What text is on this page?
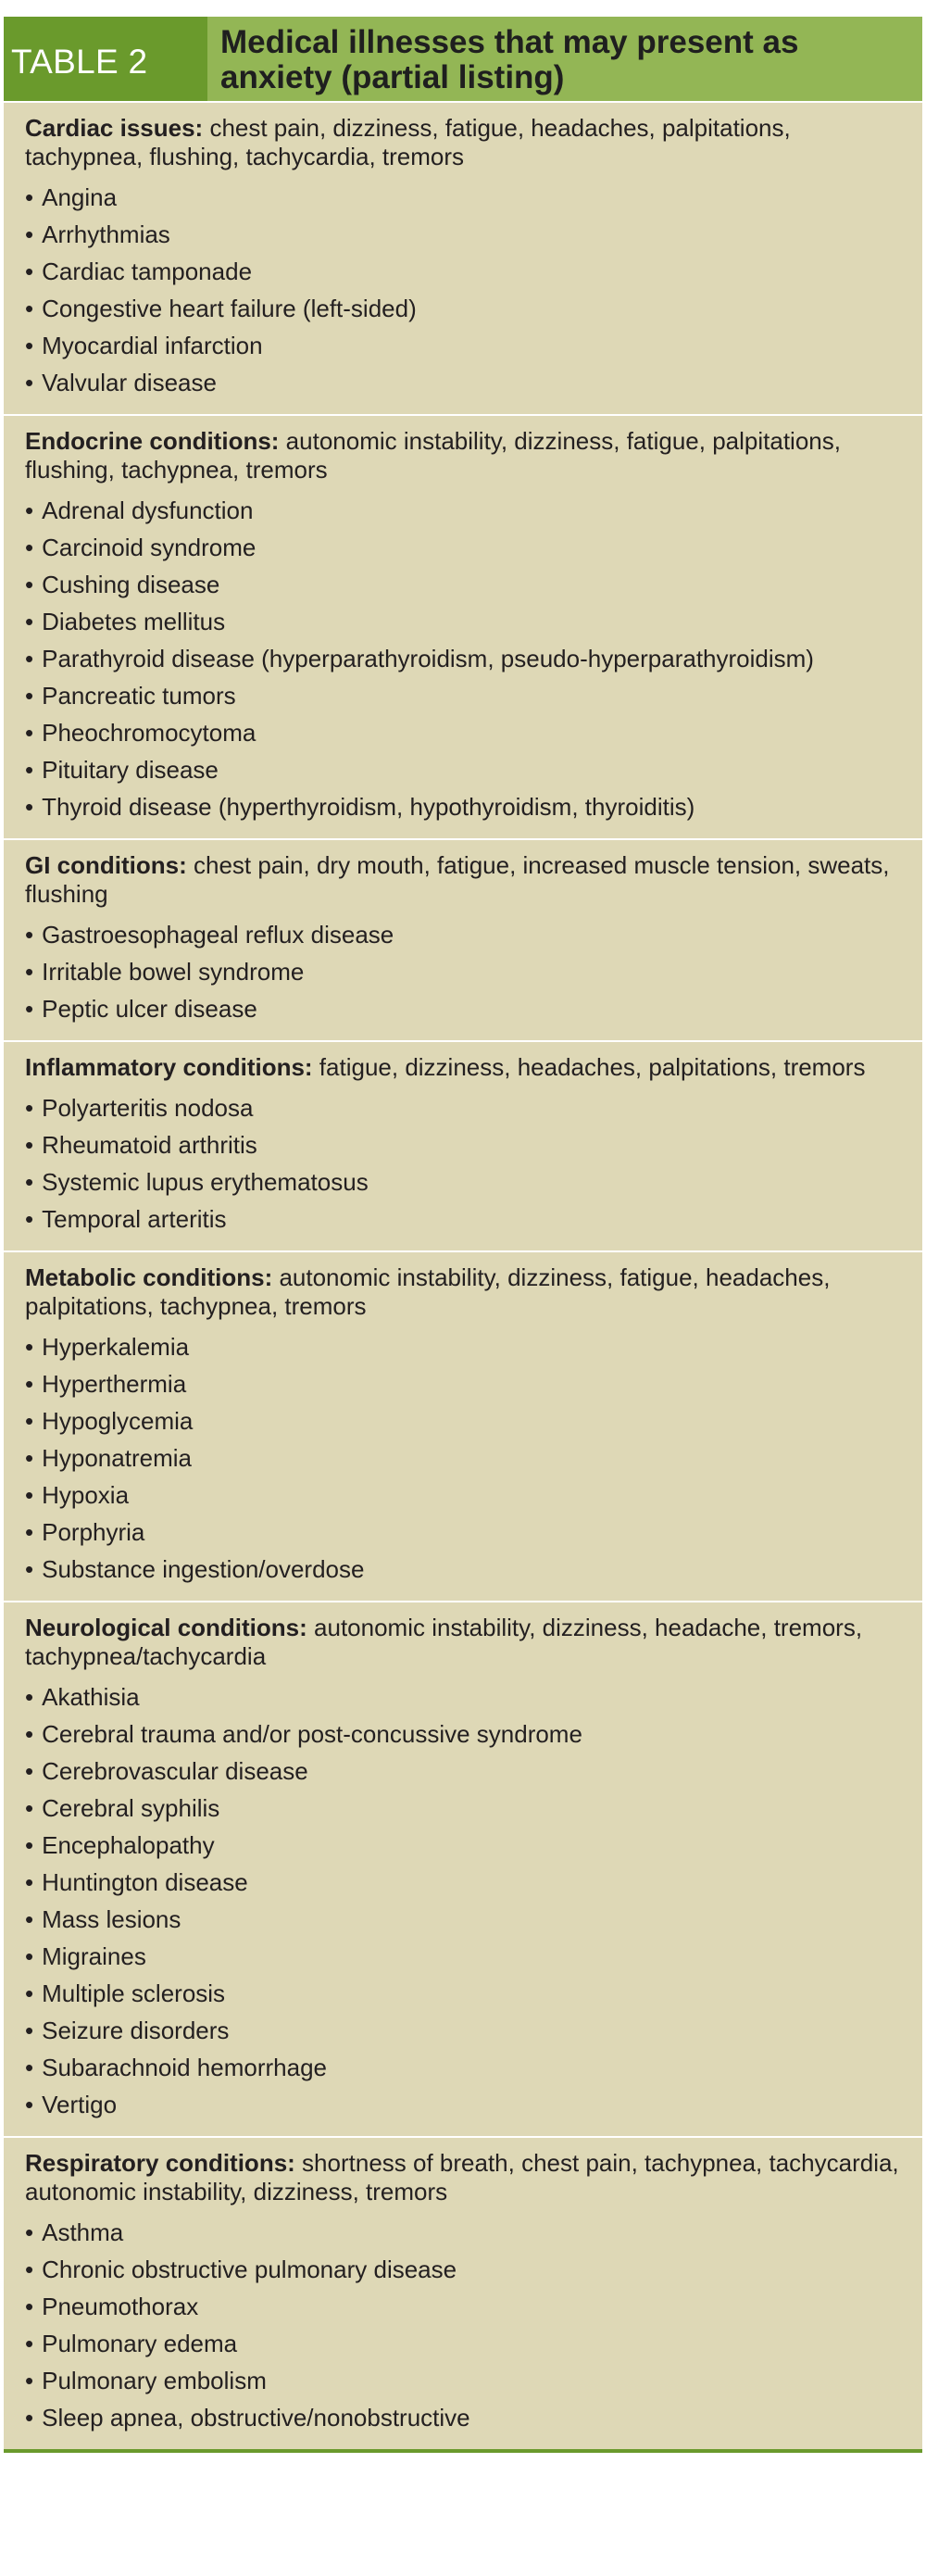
TABLE 2	Medical illnesses that may present as anxiety (partial listing)
Cardiac issues: chest pain, dizziness, fatigue, headaches, palpitations, tachypnea, flushing, tachycardia, tremors
• Angina
• Arrhythmias
• Cardiac tamponade
• Congestive heart failure (left-sided)
• Myocardial infarction
• Valvular disease
Endocrine conditions: autonomic instability, dizziness, fatigue, palpitations, flushing, tachypnea, tremors
• Adrenal dysfunction
• Carcinoid syndrome
• Cushing disease
• Diabetes mellitus
• Parathyroid disease (hyperparathyroidism, pseudo-hyperparathyroidism)
• Pancreatic tumors
• Pheochromocytoma
• Pituitary disease
• Thyroid disease (hyperthyroidism, hypothyroidism, thyroiditis)
GI conditions: chest pain, dry mouth, fatigue, increased muscle tension, sweats, flushing
• Gastroesophageal reflux disease
• Irritable bowel syndrome
• Peptic ulcer disease
Inflammatory conditions: fatigue, dizziness, headaches, palpitations, tremors
• Polyarteritis nodosa
• Rheumatoid arthritis
• Systemic lupus erythematosus
• Temporal arteritis
Metabolic conditions: autonomic instability, dizziness, fatigue, headaches, palpitations, tachypnea, tremors
• Hyperkalemia
• Hyperthermia
• Hypoglycemia
• Hyponatremia
• Hypoxia
• Porphyria
• Substance ingestion/overdose
Neurological conditions: autonomic instability, dizziness, headache, tremors, tachypnea/tachycardia
• Akathisia
• Cerebral trauma and/or post-concussive syndrome
• Cerebrovascular disease
• Cerebral syphilis
• Encephalopathy
• Huntington disease
• Mass lesions
• Migraines
• Multiple sclerosis
• Seizure disorders
• Subarachnoid hemorrhage
• Vertigo
Respiratory conditions: shortness of breath, chest pain, tachypnea, tachycardia, autonomic instability, dizziness, tremors
• Asthma
• Chronic obstructive pulmonary disease
• Pneumothorax
• Pulmonary edema
• Pulmonary embolism
• Sleep apnea, obstructive/nonobstructive
